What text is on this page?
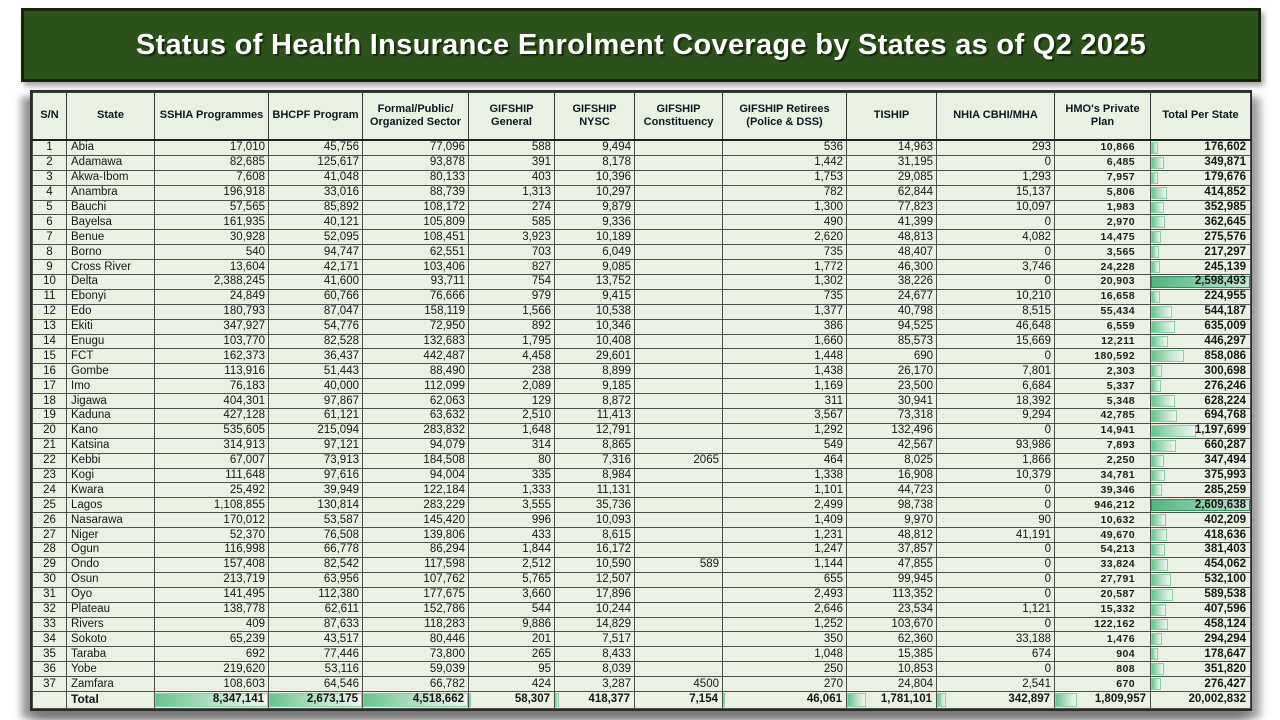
Status of Health Insurance Enrolment Coverage by States as of Q2 2025
S/N	State	SSHIA Programmes	BHCPF Program	Formal/Public/ Organized Sector	GIFSHIP General	GIFSHIP NYSC	GIFSHIP Constituency	GIFSHIP Retirees (Police & DSS)	TISHIP	NHIA CBHI/MHA	HMO's Private Plan	Total Per State
1	Abia	17,010	45,756	77,096	588	9,494		536	14,963	293	10,866	176,602
2	Adamawa	82,685	125,617	93,878	391	8,178		1,442	31,195	0	6,485	349,871
3	Akwa-Ibom	7,608	41,048	80,133	403	10,396		1,753	29,085	1,293	7,957	179,676
4	Anambra	196,918	33,016	88,739	1,313	10,297		782	62,844	15,137	5,806	414,852
5	Bauchi	57,565	85,892	108,172	274	9,879		1,300	77,823	10,097	1,983	352,985
6	Bayelsa	161,935	40,121	105,809	585	9,336		490	41,399	0	2,970	362,645
7	Benue	30,928	52,095	108,451	3,923	10,189		2,620	48,813	4,082	14,475	275,576
8	Borno	540	94,747	62,551	703	6,049		735	48,407	0	3,565	217,297
9	Cross River	13,604	42,171	103,406	827	9,085		1,772	46,300	3,746	24,228	245,139
10	Delta	2,388,245	41,600	93,711	754	13,752		1,302	38,226	0	20,903	2,598,493
11	Ebonyi	24,849	60,766	76,666	979	9,415		735	24,677	10,210	16,658	224,955
12	Edo	180,793	87,047	158,119	1,566	10,538		1,377	40,798	8,515	55,434	544,187
13	Ekiti	347,927	54,776	72,950	892	10,346		386	94,525	46,648	6,559	635,009
14	Enugu	103,770	82,528	132,683	1,795	10,408		1,660	85,573	15,669	12,211	446,297
15	FCT	162,373	36,437	442,487	4,458	29,601		1,448	690	0	180,592	858,086
16	Gombe	113,916	51,443	88,490	238	8,899		1,438	26,170	7,801	2,303	300,698
17	Imo	76,183	40,000	112,099	2,089	9,185		1,169	23,500	6,684	5,337	276,246
18	Jigawa	404,301	97,867	62,063	129	8,872		311	30,941	18,392	5,348	628,224
19	Kaduna	427,128	61,121	63,632	2,510	11,413		3,567	73,318	9,294	42,785	694,768
20	Kano	535,605	215,094	283,832	1,648	12,791		1,292	132,496	0	14,941	1,197,699
21	Katsina	314,913	97,121	94,079	314	8,865		549	42,567	93,986	7,893	660,287
22	Kebbi	67,007	73,913	184,508	80	7,316	2065	464	8,025	1,866	2,250	347,494
23	Kogi	111,648	97,616	94,004	335	8,984		1,338	16,908	10,379	34,781	375,993
24	Kwara	25,492	39,949	122,184	1,333	11,131		1,101	44,723	0	39,346	285,259
25	Lagos	1,108,855	130,814	283,229	3,555	35,736		2,499	98,738	0	946,212	2,609,638
26	Nasarawa	170,012	53,587	145,420	996	10,093		1,409	9,970	90	10,632	402,209
27	Niger	52,370	76,508	139,806	433	8,615		1,231	48,812	41,191	49,670	418,636
28	Ogun	116,998	66,778	86,294	1,844	16,172		1,247	37,857	0	54,213	381,403
29	Ondo	157,408	82,542	117,598	2,512	10,590	589	1,144	47,855	0	33,824	454,062
30	Osun	213,719	63,956	107,762	5,765	12,507		655	99,945	0	27,791	532,100
31	Oyo	141,495	112,380	177,675	3,660	17,896		2,493	113,352	0	20,587	589,538
32	Plateau	138,778	62,611	152,786	544	10,244		2,646	23,534	1,121	15,332	407,596
33	Rivers	409	87,633	118,283	9,886	14,829		1,252	103,670	0	122,162	458,124
34	Sokoto	65,239	43,517	80,446	201	7,517		350	62,360	33,188	1,476	294,294
35	Taraba	692	77,446	73,800	265	8,433		1,048	15,385	674	904	178,647
36	Yobe	219,620	53,116	59,039	95	8,039		250	10,853	0	808	351,820
37	Zamfara	108,603	64,546	66,782	424	3,287	4500	270	24,804	2,541	670	276,427
	Total	8,347,141	2,673,175	4,518,662	58,307	418,377	7,154	46,061	1,781,101	342,897	1,809,957	20,002,832
